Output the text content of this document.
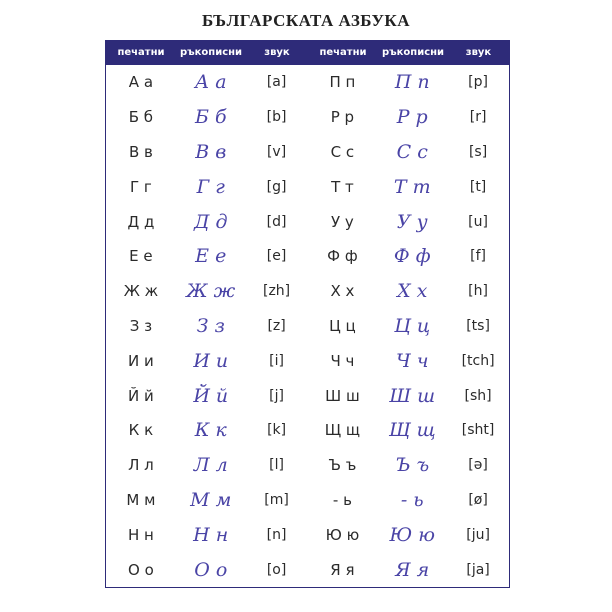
БЪЛГАРСКАТА АЗБУКА
печатни	ръкописни	звук	печатни	ръкописни	звук
А а	А а	[a]	П п	П п	[p]
Б б	Б б	[b]	Р р	Р р	[r]
В в	В в	[v]	С с	С с	[s]
Г г	Г г	[g]	Т т	Т т	[t]
Д д	Д д	[d]	У у	У у	[u]
Е е	Е е	[e]	Ф ф	Ф ф	[f]
Ж ж	Ж ж	[zh]	Х х	Х х	[h]
З з	З з	[z]	Ц ц	Ц ц	[ts]
И и	И и	[i]	Ч ч	Ч ч	[tch]
Й й	Й й	[j]	Ш ш	Ш ш	[sh]
К к	К к	[k]	Щ щ	Щ щ	[sht]
Л л	Л л	[l]	Ъ ъ	Ъ ъ	[ə]
М м	М м	[m]	- ь	- ь	[ø]
Н н	Н н	[n]	Ю ю	Ю ю	[ju]
О о	О о	[o]	Я я	Я я	[ja]
